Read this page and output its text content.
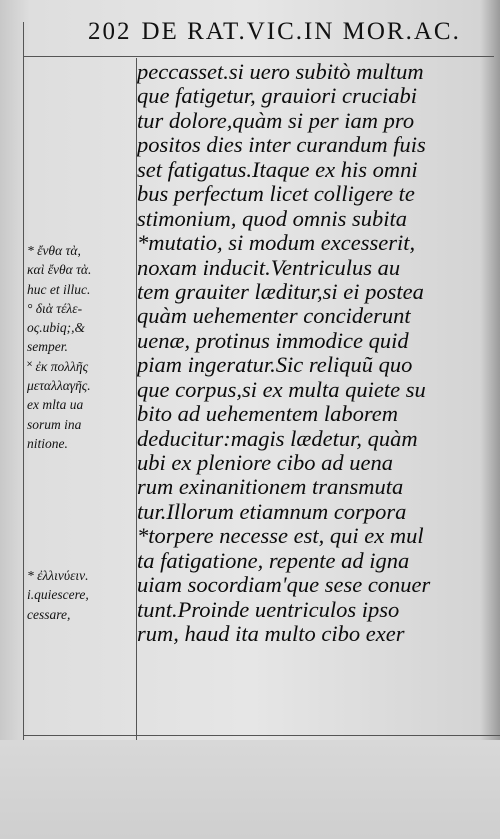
202 DE RAT.VIC.IN MOR.AC.
peccasset.si uero subitò multum
que fatigetur, grauiori cruciabi
tur dolore,quàm si per iam pro
positos dies inter curandum fuis
set fatigatus.Itaque ex his omni
bus perfectum licet colligere te
stimonium, quod omnis subita
*mutatio, si modum excesserit,
noxam inducit.Ventriculus au
tem grauiter læditur,si ei postea
quàm uehementer conciderunt
uenæ, protinus immodice quid
piam ingeratur.Sic reliquũ quo
que corpus,si ex multa quiete su
bito ad uehementem laborem
deducitur:magis lædetur, quàm
ubi ex pleniore cibo ad uena
rum exinanitionem transmuta
tur.Illorum etiamnum corpora
*torpere necesse est, qui ex mul
ta fatigatione, repente ad igna
uiam socordiam'que sese conuer
tunt.Proinde uentriculos ipso
rum, haud ita multo cibo exer
* ἔνθα τὰ,
καὶ ἔνθα τὰ.
huc et illuc.
° διὰ τέλε-
ος.ubiq;,&
semper.
˟ ἐκ πολλῆς
μεταλλαγῆς.
ex mlta ua
sorum ina
nitione.
* ἐλλινύειν.
i.quiescere,
cessare,
